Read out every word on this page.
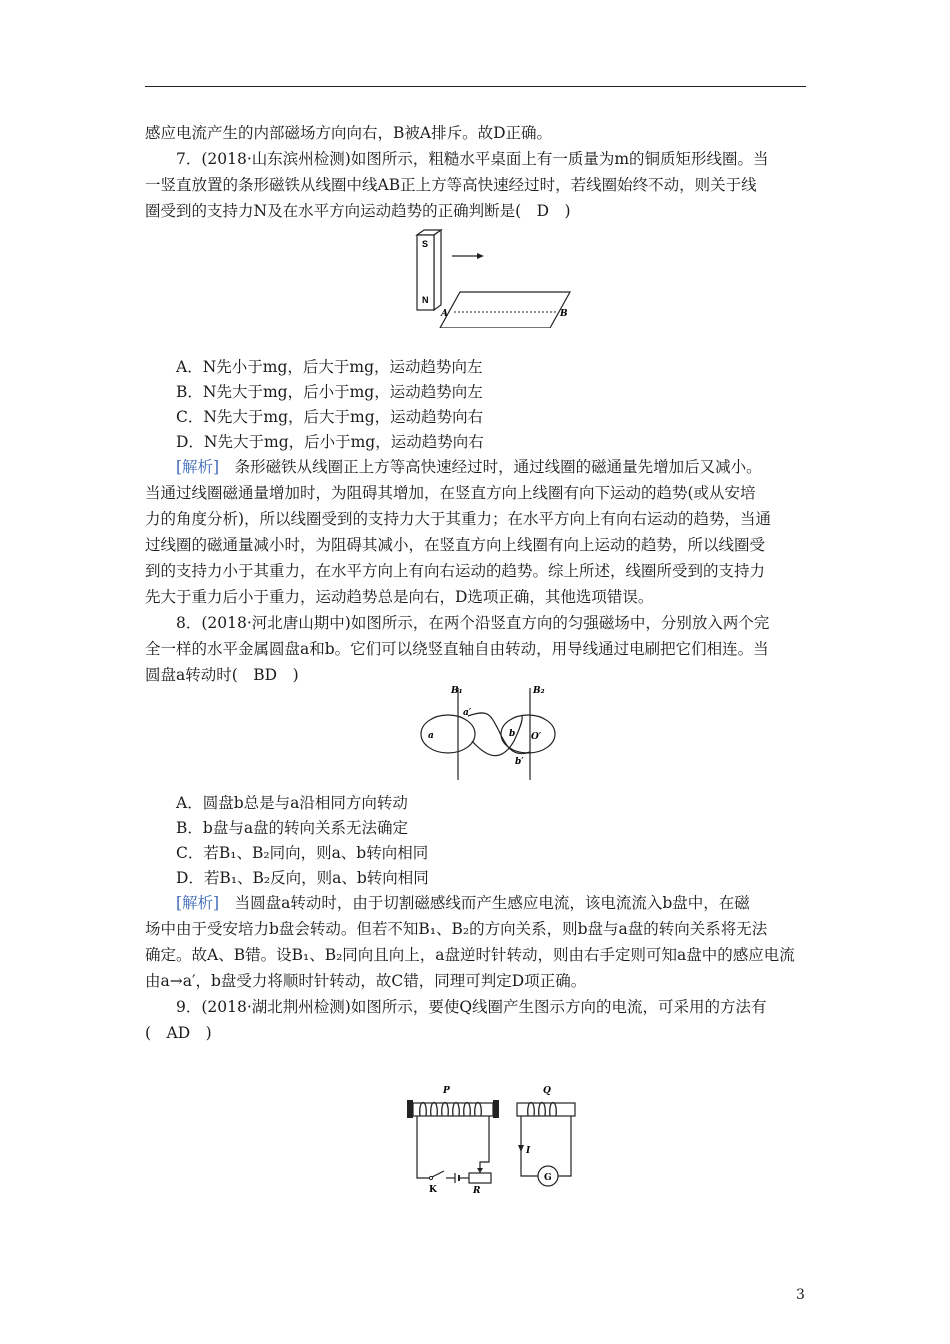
感应电流产生的内部磁场方向向右，B被A排斥。故D正确。

7．(2018·山东滨州检测)如图所示，粗糙水平桌面上有一质量为m的铜质矩形线圈。当

一竖直放置的条形磁铁从线圈中线AB正上方等高快速经过时，若线圈始终不动，则关于线

圈受到的支持力N及在水平方向运动趋势的正确判断是(　D　)

S
N
A	B

A．N先小于mg，后大于mg，运动趋势向左

B．N先大于mg，后小于mg，运动趋势向左

C．N先大于mg，后大于mg，运动趋势向右

D．N先大于mg，后小于mg，运动趋势向右

[解析]　条形磁铁从线圈正上方等高快速经过时，通过线圈的磁通量先增加后又减小。

当通过线圈磁通量增加时，为阻碍其增加，在竖直方向上线圈有向下运动的趋势(或从安培

力的角度分析)，所以线圈受到的支持力大于其重力；在水平方向上有向右运动的趋势，当通

过线圈的磁通量减小时，为阻碍其减小，在竖直方向上线圈有向上运动的趋势，所以线圈受

到的支持力小于其重力，在水平方向上有向右运动的趋势。综上所述，线圈所受到的支持力

先大于重力后小于重力，运动趋势总是向右，D选项正确，其他选项错误。

8．(2018·河北唐山期中)如图所示，在两个沿竖直方向的匀强磁场中，分别放入两个完

全一样的水平金属圆盘a和b。它们可以绕竖直轴自由转动，用导线通过电刷把它们相连。当

圆盘a转动时(　BD　)

B₁	B₂
a
a′
b O′
b′

A．圆盘b总是与a沿相同方向转动

B．b盘与a盘的转向关系无法确定

C．若B₁、B₂同向，则a、b转向相同

D．若B₁、B₂反向，则a、b转向相同

[解析]　当圆盘a转动时，由于切割磁感线而产生感应电流，该电流流入b盘中，在磁

场中由于受安培力b盘会转动。但若不知B₁、B₂的方向关系，则b盘与a盘的转向关系将无法

确定。故A、B错。设B₁、B₂同向且向上，a盘逆时针转动，则由右手定则可知a盘中的感应电流

由a→a′，b盘受力将顺时针转动，故C错，同理可判定D项正确。

9．(2018·湖北荆州检测)如图所示，要使Q线圈产生图示方向的电流，可采用的方法有

(　AD　)

P
K	R
Q
G
I
3
